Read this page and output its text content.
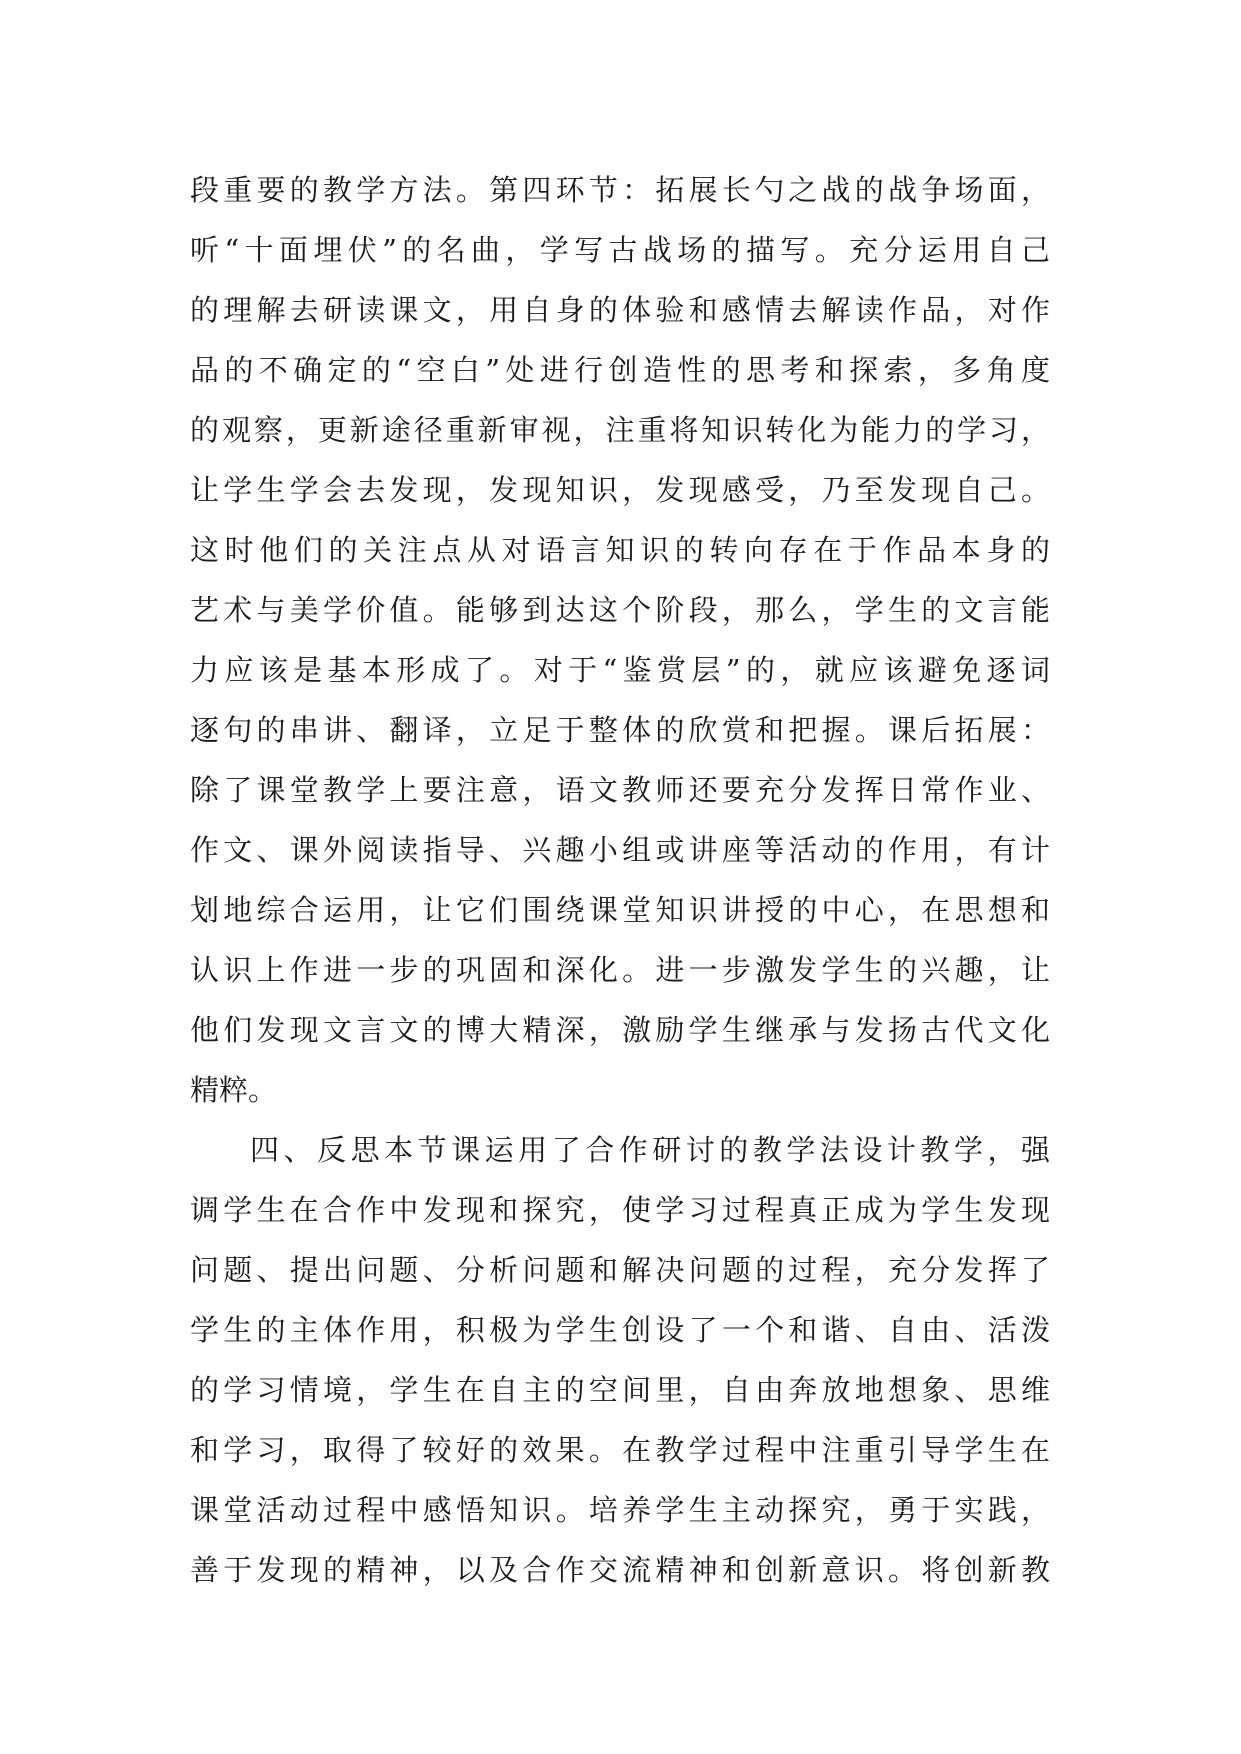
段重要的教学方法。第四环节：拓展长勺之战的战争场面，
听“十面埋伏”的名曲，学写古战场的描写。充分运用自己
的理解去研读课文，用自身的体验和感情去解读作品，对作
品的不确定的“空白”处进行创造性的思考和探索，多角度
的观察，更新途径重新审视，注重将知识转化为能力的学习，
让学生学会去发现，发现知识，发现感受，乃至发现自己。
这时他们的关注点从对语言知识的转向存在于作品本身的
艺术与美学价值。能够到达这个阶段，那么，学生的文言能
力应该是基本形成了。对于“鉴赏层”的，就应该避免逐词
逐句的串讲、翻译，立足于整体的欣赏和把握。课后拓展：
除了课堂教学上要注意，语文教师还要充分发挥日常作业、
作文、课外阅读指导、兴趣小组或讲座等活动的作用，有计
划地综合运用，让它们围绕课堂知识讲授的中心，在思想和
认识上作进一步的巩固和深化。进一步激发学生的兴趣，让
他们发现文言文的博大精深，激励学生继承与发扬古代文化
精粹。
四、反思本节课运用了合作研讨的教学法设计教学，强
调学生在合作中发现和探究，使学习过程真正成为学生发现
问题、提出问题、分析问题和解决问题的过程，充分发挥了
学生的主体作用，积极为学生创设了一个和谐、自由、活泼
的学习情境，学生在自主的空间里，自由奔放地想象、思维
和学习，取得了较好的效果。在教学过程中注重引导学生在
课堂活动过程中感悟知识。培养学生主动探究，勇于实践，
善于发现的精神，以及合作交流精神和创新意识。将创新教
